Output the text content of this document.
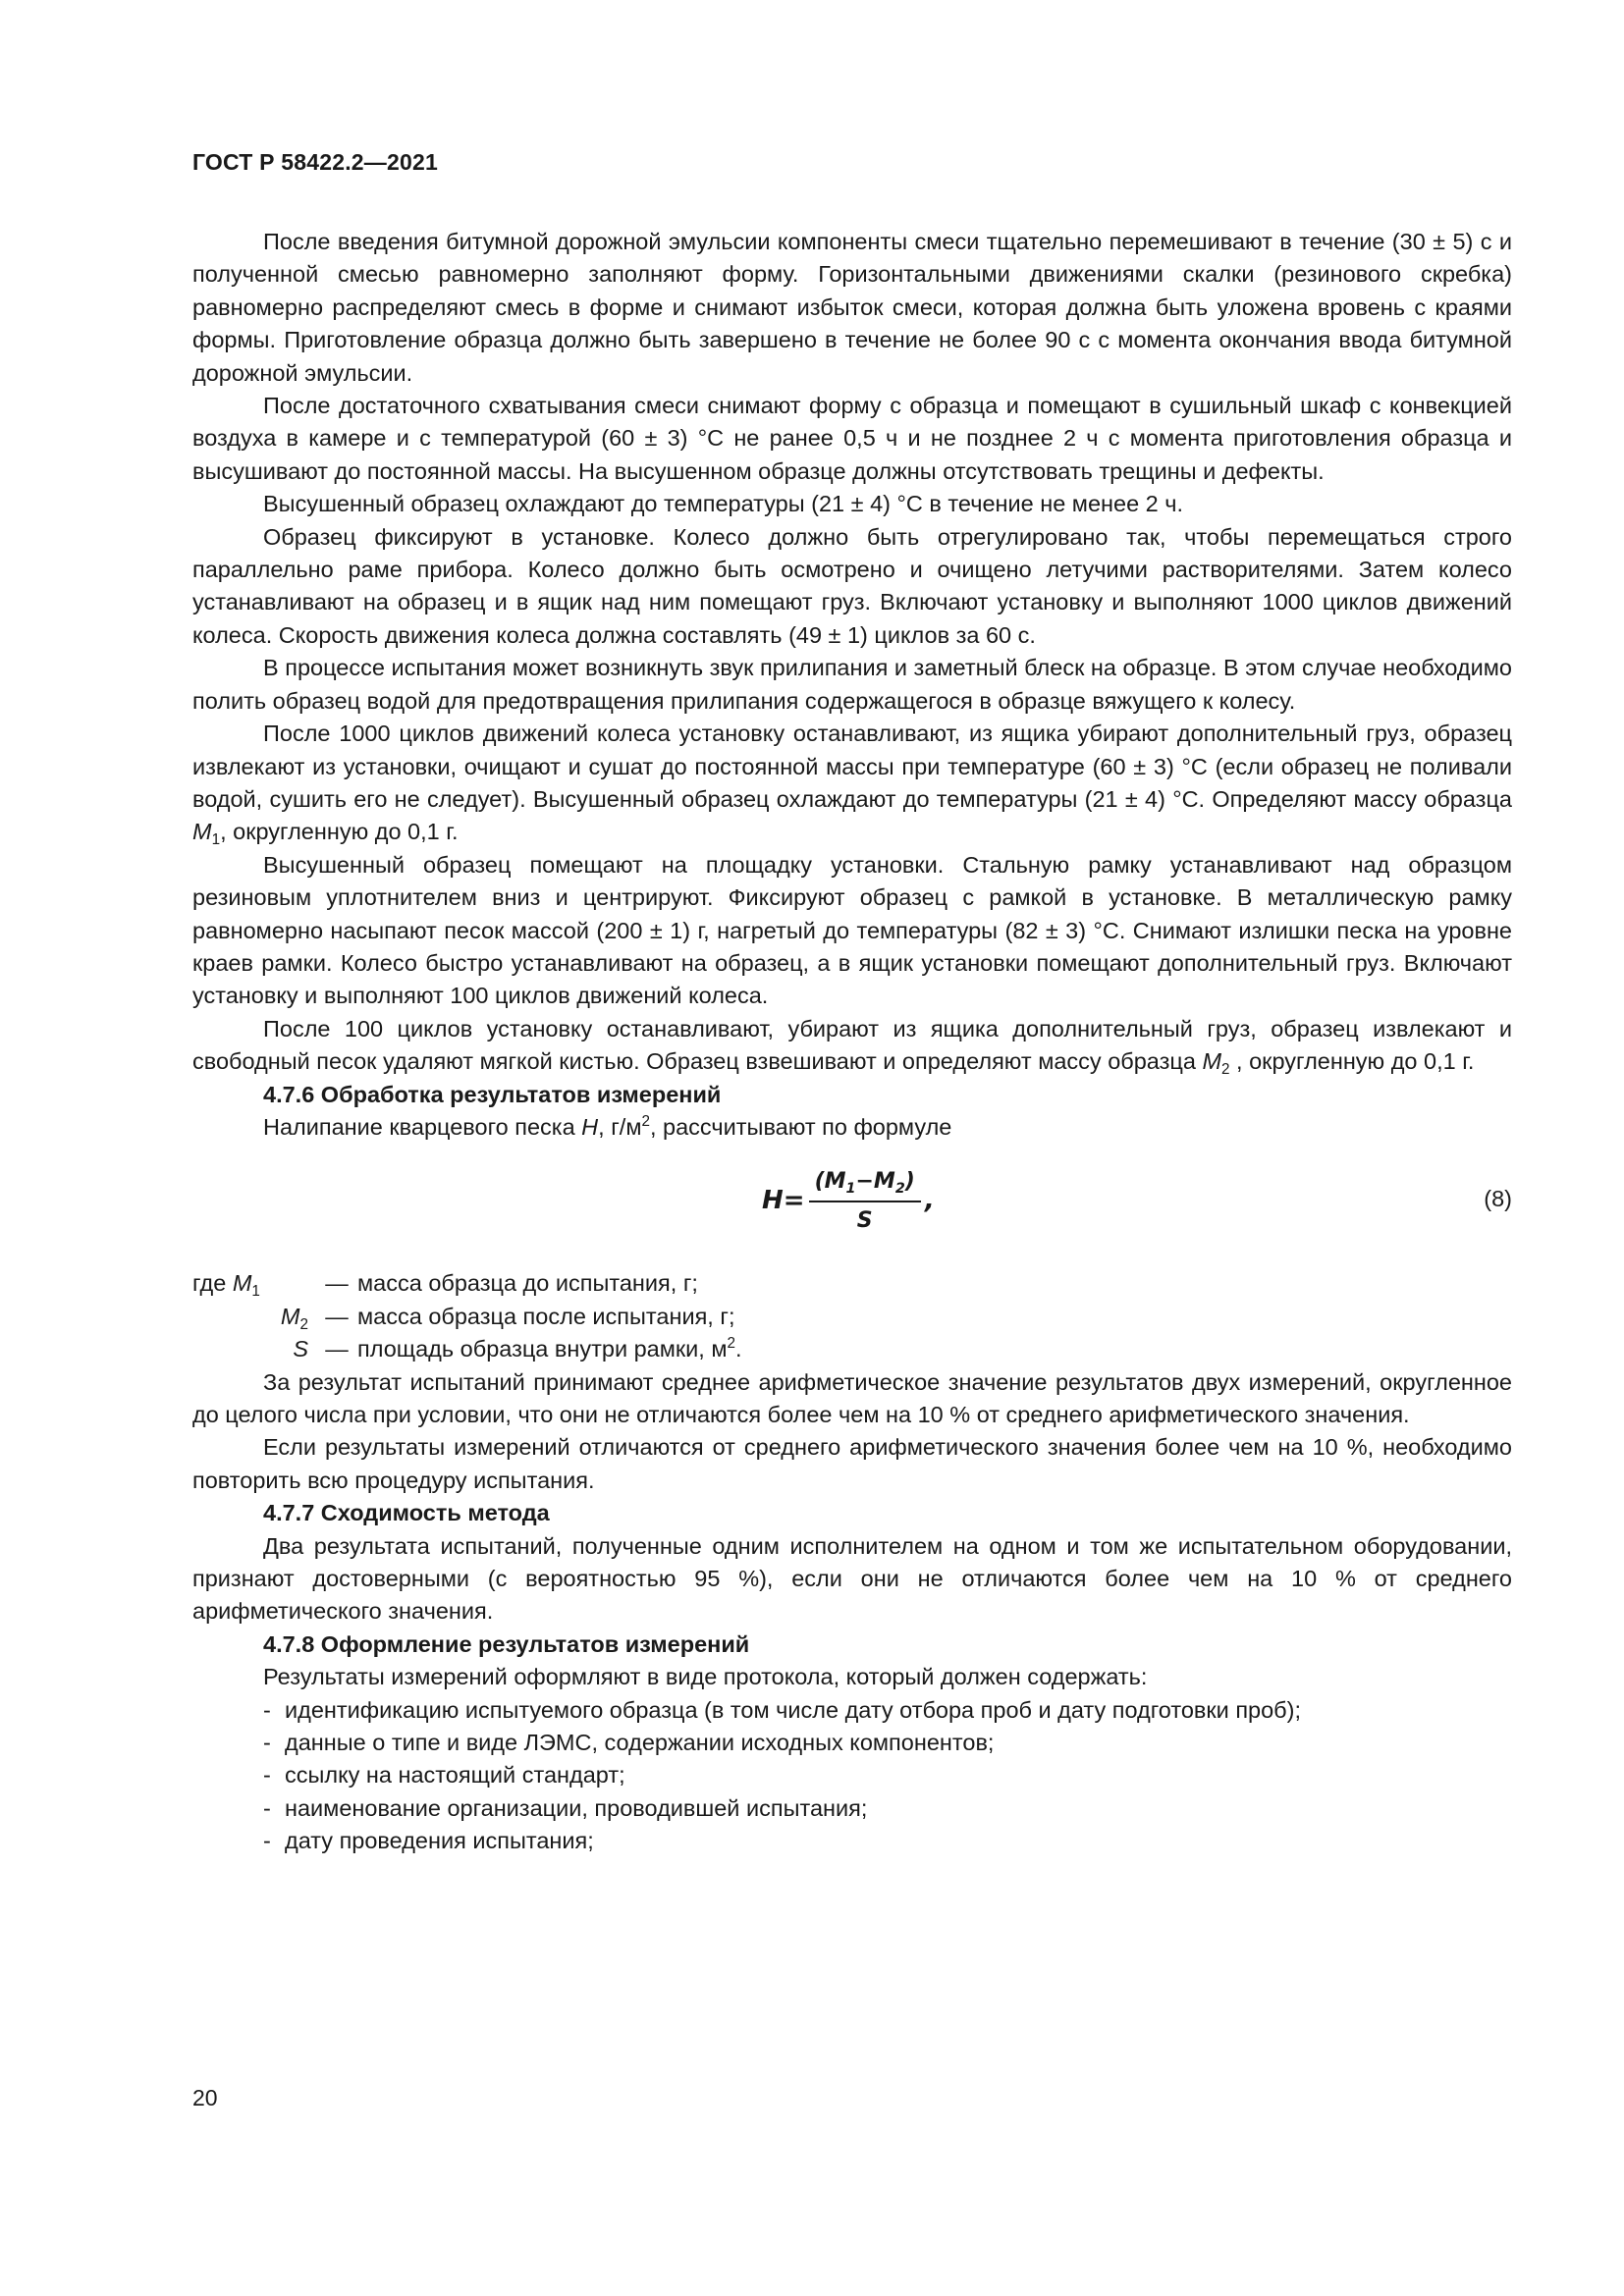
ГОСТ Р 58422.2—2021

После введения битумной дорожной эмульсии компоненты смеси тщательно перемешивают в течение (30 ± 5) с и полученной смесью равномерно заполняют форму. Горизонтальными движениями скалки (резинового скребка) равномерно распределяют смесь в форме и снимают избыток смеси, которая должна быть уложена вровень с краями формы. Приготовление образца должно быть завершено в течение не более 90 с с момента окончания ввода битумной дорожной эмульсии.

После достаточного схватывания смеси снимают форму с образца и помещают в сушильный шкаф с конвекцией воздуха в камере и с температурой (60 ± 3) °С не ранее 0,5 ч и не позднее 2 ч с момента приготовления образца и высушивают до постоянной массы. На высушенном образце должны отсутствовать трещины и дефекты.

Высушенный образец охлаждают до температуры (21 ± 4) °С в течение не менее 2 ч.

Образец фиксируют в установке. Колесо должно быть отрегулировано так, чтобы перемещаться строго параллельно раме прибора. Колесо должно быть осмотрено и очищено летучими растворителями. Затем колесо устанавливают на образец и в ящик над ним помещают груз. Включают установку и выполняют 1000 циклов движений колеса. Скорость движения колеса должна составлять (49 ± 1) циклов за 60 с.

В процессе испытания может возникнуть звук прилипания и заметный блеск на образце. В этом случае необходимо полить образец водой для предотвращения прилипания содержащегося в образце вяжущего к колесу.

После 1000 циклов движений колеса установку останавливают, из ящика убирают дополнительный груз, образец извлекают из установки, очищают и сушат до постоянной массы при температуре (60 ± 3) °С (если образец не поливали водой, сушить его не следует). Высушенный образец охлаждают до температуры (21 ± 4) °С. Определяют массу образца $M_1$, округленную до 0,1 г.

Высушенный образец помещают на площадку установки. Стальную рамку устанавливают над образцом резиновым уплотнителем вниз и центрируют. Фиксируют образец с рамкой в установке. В металлическую рамку равномерно насыпают песок массой (200 ± 1) г, нагретый до температуры (82 ± 3) °С. Снимают излишки песка на уровне краев рамки. Колесо быстро устанавливают на образец, а в ящик установки помещают дополнительный груз. Включают установку и выполняют 100 циклов движений колеса.

После 100 циклов установку останавливают, убирают из ящика дополнительный груз, образец извлекают и свободный песок удаляют мягкой кистью. Образец взвешивают и определяют массу образца $M_2$ , округленную до 0,1 г.

4.7.6 Обработка результатов измерений

Налипание кварцевого песка H, $г/м^2$, рассчитывают по формуле

$H = \frac{(M_1-M_2)}{S}$ ,	(8)
где $M_1$	— масса образца до испытания, г;
$M_2$ — масса образца после испытания, г;
S — площадь образца внутри рамки, $м^2$.

За результат испытаний принимают среднее арифметическое значение результатов двух измерений, округленное до целого числа при условии, что они не отличаются более чем на 10 % от среднего арифметического значения.

Если результаты измерений отличаются от среднего арифметического значения более чем на 10 %, необходимо повторить всю процедуру испытания.

4.7.7 Сходимость метода

Два результата испытаний, полученные одним исполнителем на одном и том же испытательном оборудовании, признают достоверными (с вероятностью 95 %), если они не отличаются более чем на 10 % от среднего арифметического значения.

4.7.8 Оформление результатов измерений

Результаты измерений оформляют в виде протокола, который должен содержать:

- идентификацию испытуемого образца (в том числе дату отбора проб и дату подготовки проб);
- данные о типе и виде ЛЭМС, содержании исходных компонентов;
- ссылку на настоящий стандарт;
- наименование организации, проводившей испытания;
- дату проведения испытания;
20
